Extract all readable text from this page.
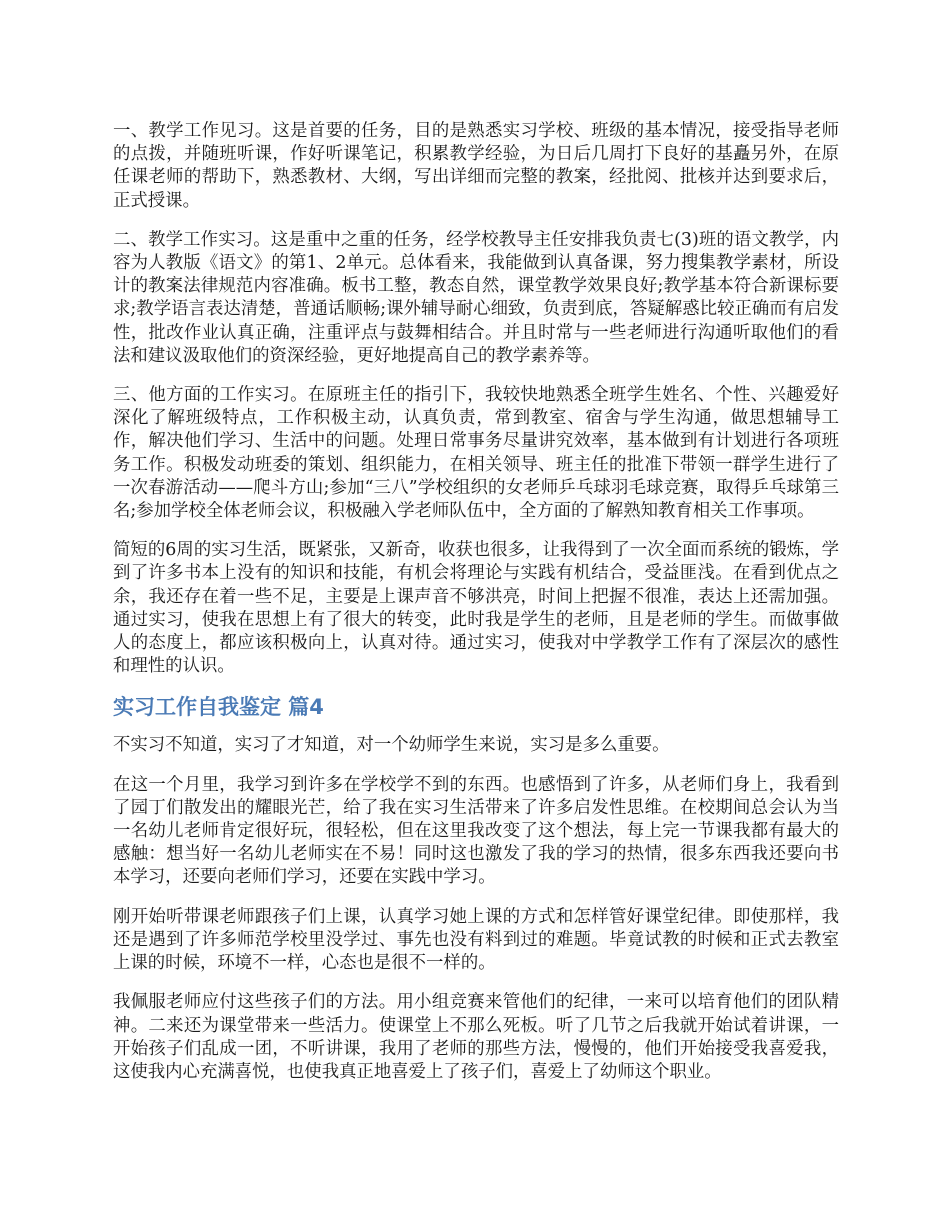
一、教学工作见习。这是首要的任务，目的是熟悉实习学校、班级的基本情况，接受指导老师的点拨，并随班听课，作好听课笔记，积累教学经验，为日后几周打下良好的基矗另外，在原任课老师的帮助下，熟悉教材、大纲，写出详细而完整的教案，经批阅、批核并达到要求后，正式授课。

二、教学工作实习。这是重中之重的任务，经学校教导主任安排我负责七(3)班的语文教学，内容为人教版《语文》的第1、2单元。总体看来，我能做到认真备课，努力搜集教学素材，所设计的教案法律规范内容准确。板书工整，教态自然，课堂教学效果良好;教学基本符合新课标要求;教学语言表达清楚，普通话顺畅;课外辅导耐心细致，负责到底，答疑解惑比较正确而有启发性，批改作业认真正确，注重评点与鼓舞相结合。并且时常与一些老师进行沟通听取他们的看法和建议汲取他们的资深经验，更好地提高自己的教学素养等。

三、他方面的工作实习。在原班主任的指引下，我较快地熟悉全班学生姓名、个性、兴趣爱好深化了解班级特点，工作积极主动，认真负责，常到教室、宿舍与学生沟通，做思想辅导工作，解决他们学习、生活中的问题。处理日常事务尽量讲究效率，基本做到有计划进行各项班务工作。积极发动班委的策划、组织能力，在相关领导、班主任的批准下带领一群学生进行了一次春游活动——爬斗方山;参加“三八”学校组织的女老师乒乓球羽毛球竞赛，取得乒乓球第三名;参加学校全体老师会议，积极融入学老师队伍中，全方面的了解熟知教育相关工作事项。

简短的6周的实习生活，既紧张，又新奇，收获也很多，让我得到了一次全面而系统的锻炼，学到了许多书本上没有的知识和技能，有机会将理论与实践有机结合，受益匪浅。在看到优点之余，我还存在着一些不足，主要是上课声音不够洪亮，时间上把握不很准，表达上还需加强。通过实习，使我在思想上有了很大的转变，此时我是学生的老师，且是老师的学生。而做事做人的态度上，都应该积极向上，认真对待。通过实习，使我对中学教学工作有了深层次的感性和理性的认识。

实习工作自我鉴定 篇4

不实习不知道，实习了才知道，对一个幼师学生来说，实习是多么重要。

在这一个月里，我学习到许多在学校学不到的东西。也感悟到了许多，从老师们身上，我看到了园丁们散发出的耀眼光芒，给了我在实习生活带来了许多启发性思维。在校期间总会认为当一名幼儿老师肯定很好玩，很轻松，但在这里我改变了这个想法，每上完一节课我都有最大的感触：想当好一名幼儿老师实在不易！同时这也激发了我的学习的热情，很多东西我还要向书本学习，还要向老师们学习，还要在实践中学习。

刚开始听带课老师跟孩子们上课，认真学习她上课的方式和怎样管好课堂纪律。即使那样，我还是遇到了许多师范学校里没学过、事先也没有料到过的难题。毕竟试教的时候和正式去教室上课的时候，环境不一样，心态也是很不一样的。

我佩服老师应付这些孩子们的方法。用小组竞赛来管他们的纪律，一来可以培育他们的团队精神。二来还为课堂带来一些活力。使课堂上不那么死板。听了几节之后我就开始试着讲课，一开始孩子们乱成一团，不听讲课，我用了老师的那些方法，慢慢的，他们开始接受我喜爱我，这使我内心充满喜悦，也使我真正地喜爱上了孩子们，喜爱上了幼师这个职业。
